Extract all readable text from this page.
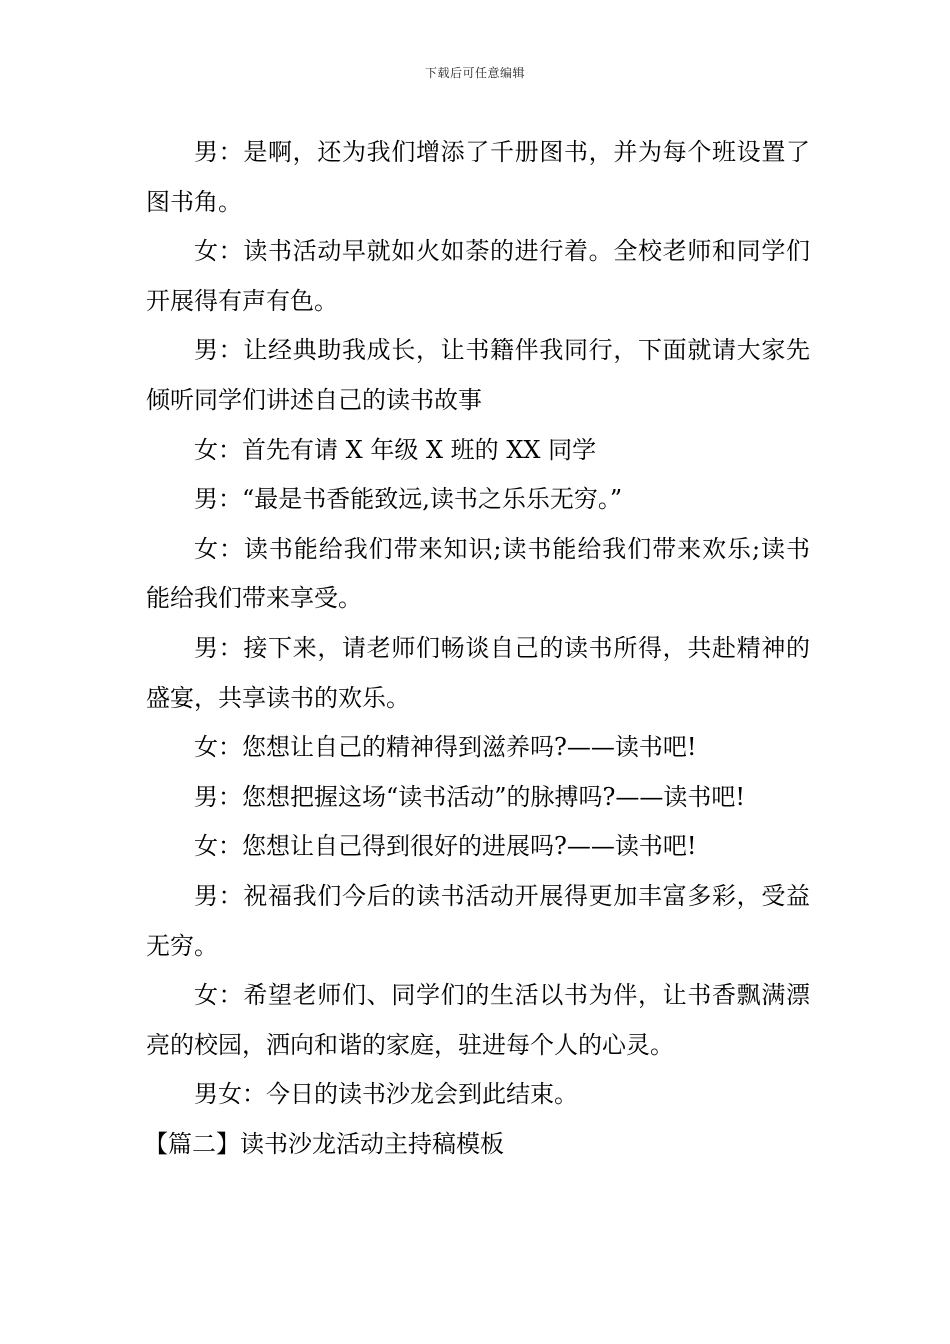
下载后可任意编辑

男：是啊，还为我们增添了千册图书，并为每个班设置了图书角。

女：读书活动早就如火如荼的进行着。全校老师和同学们开展得有声有色。

男：让经典助我成长，让书籍伴我同行，下面就请大家先倾听同学们讲述自己的读书故事

女：首先有请 X 年级 X 班的 XX 同学

男：“最是书香能致远,读书之乐乐无穷。”

女：读书能给我们带来知识;读书能给我们带来欢乐;读书能给我们带来享受。

男：接下来，请老师们畅谈自己的读书所得，共赴精神的盛宴，共享读书的欢乐。

女：您想让自己的精神得到滋养吗?——读书吧!

男：您想把握这场“读书活动”的脉搏吗?——读书吧!

女：您想让自己得到很好的进展吗?——读书吧!

男：祝福我们今后的读书活动开展得更加丰富多彩，受益无穷。

女：希望老师们、同学们的生活以书为伴，让书香飘满漂亮的校园，洒向和谐的家庭，驻进每个人的心灵。

男女：今日的读书沙龙会到此结束。

【篇二】读书沙龙活动主持稿模板
